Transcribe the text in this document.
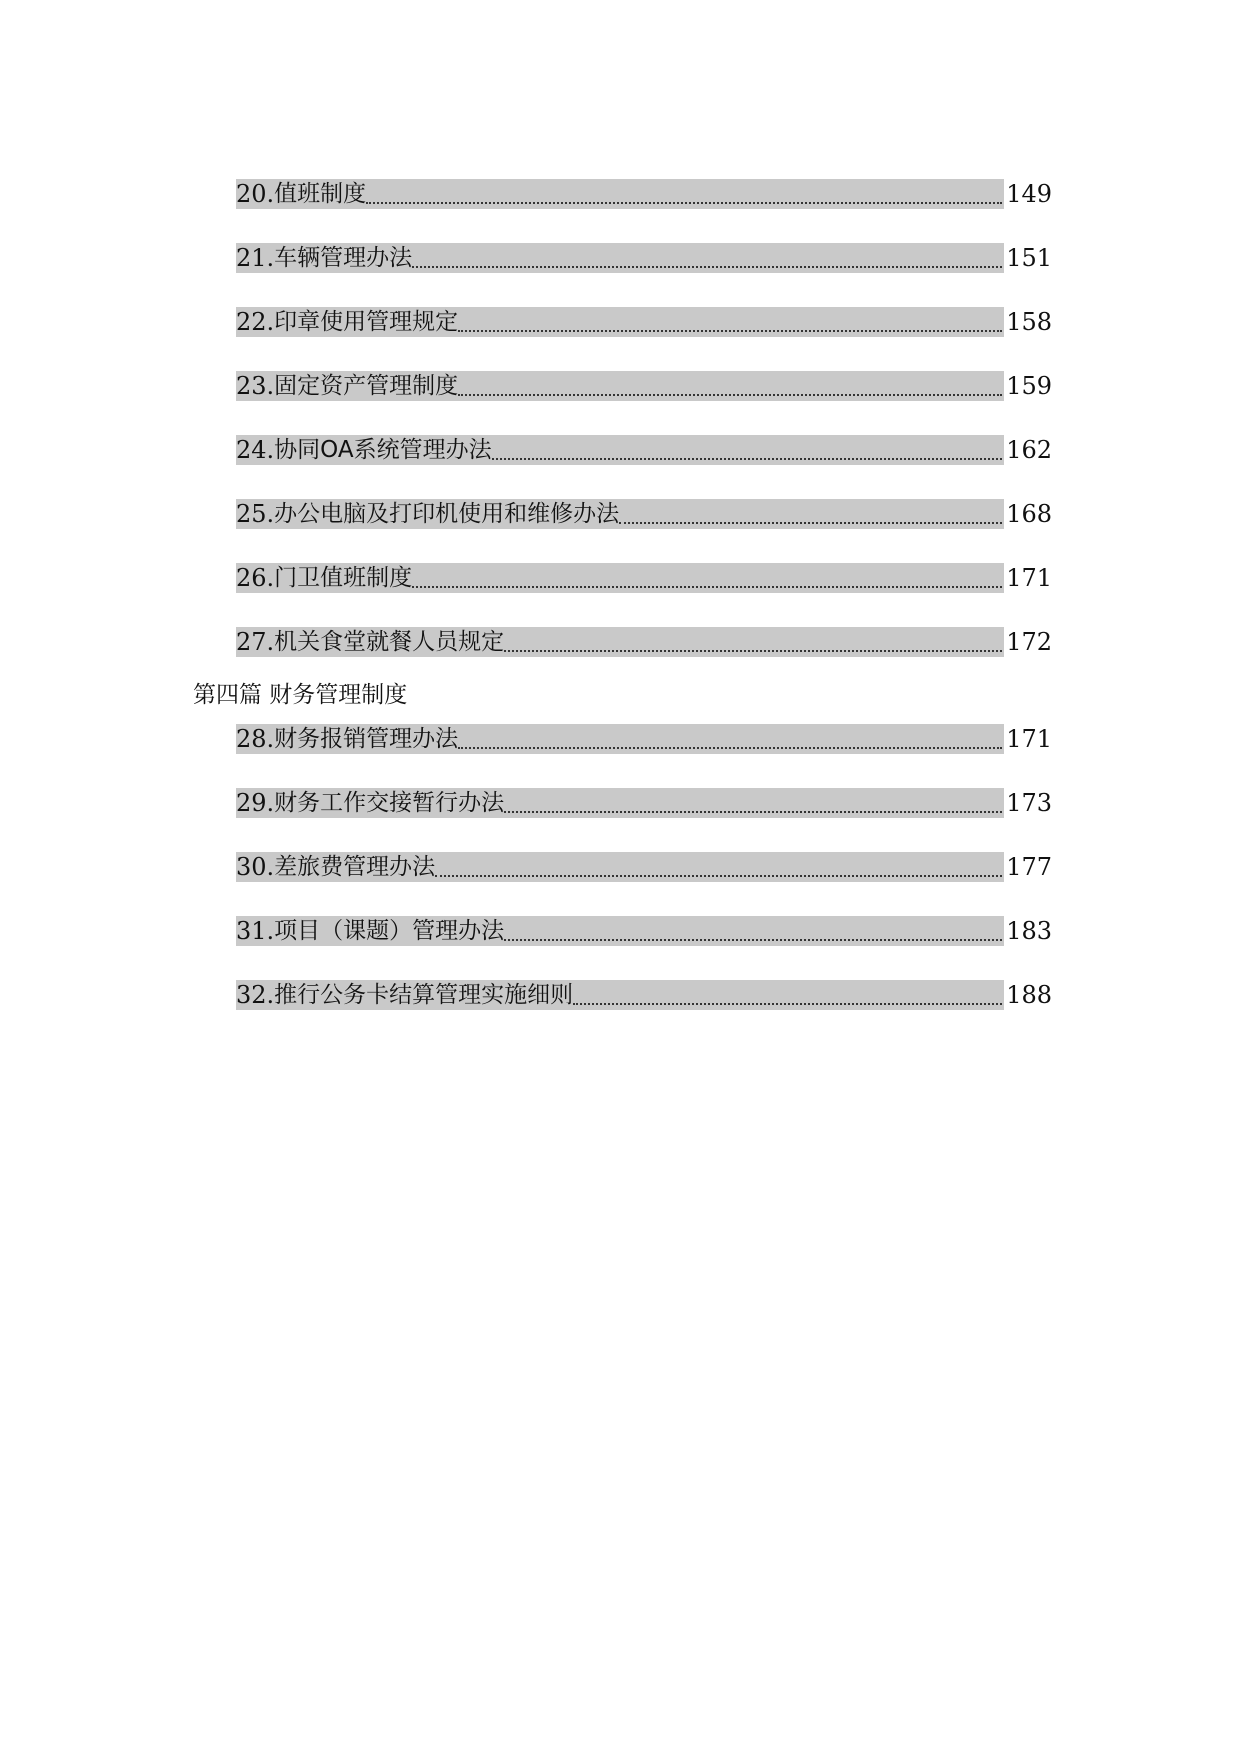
20. 值班制度	149
21. 车辆管理办法	151
22. 印章使用管理规定	158
23. 固定资产管理制度	159
24. 协同OA系统管理办法	162
25. 办公电脑及打印机使用和维修办法	168
26. 门卫值班制度	171
27. 机关食堂就餐人员规定	172
第四篇 财务管理制度
28. 财务报销管理办法	171
29. 财务工作交接暂行办法	173
30. 差旅费管理办法	177
31. 项目（课题）管理办法	183
32. 推行公务卡结算管理实施细则	188
